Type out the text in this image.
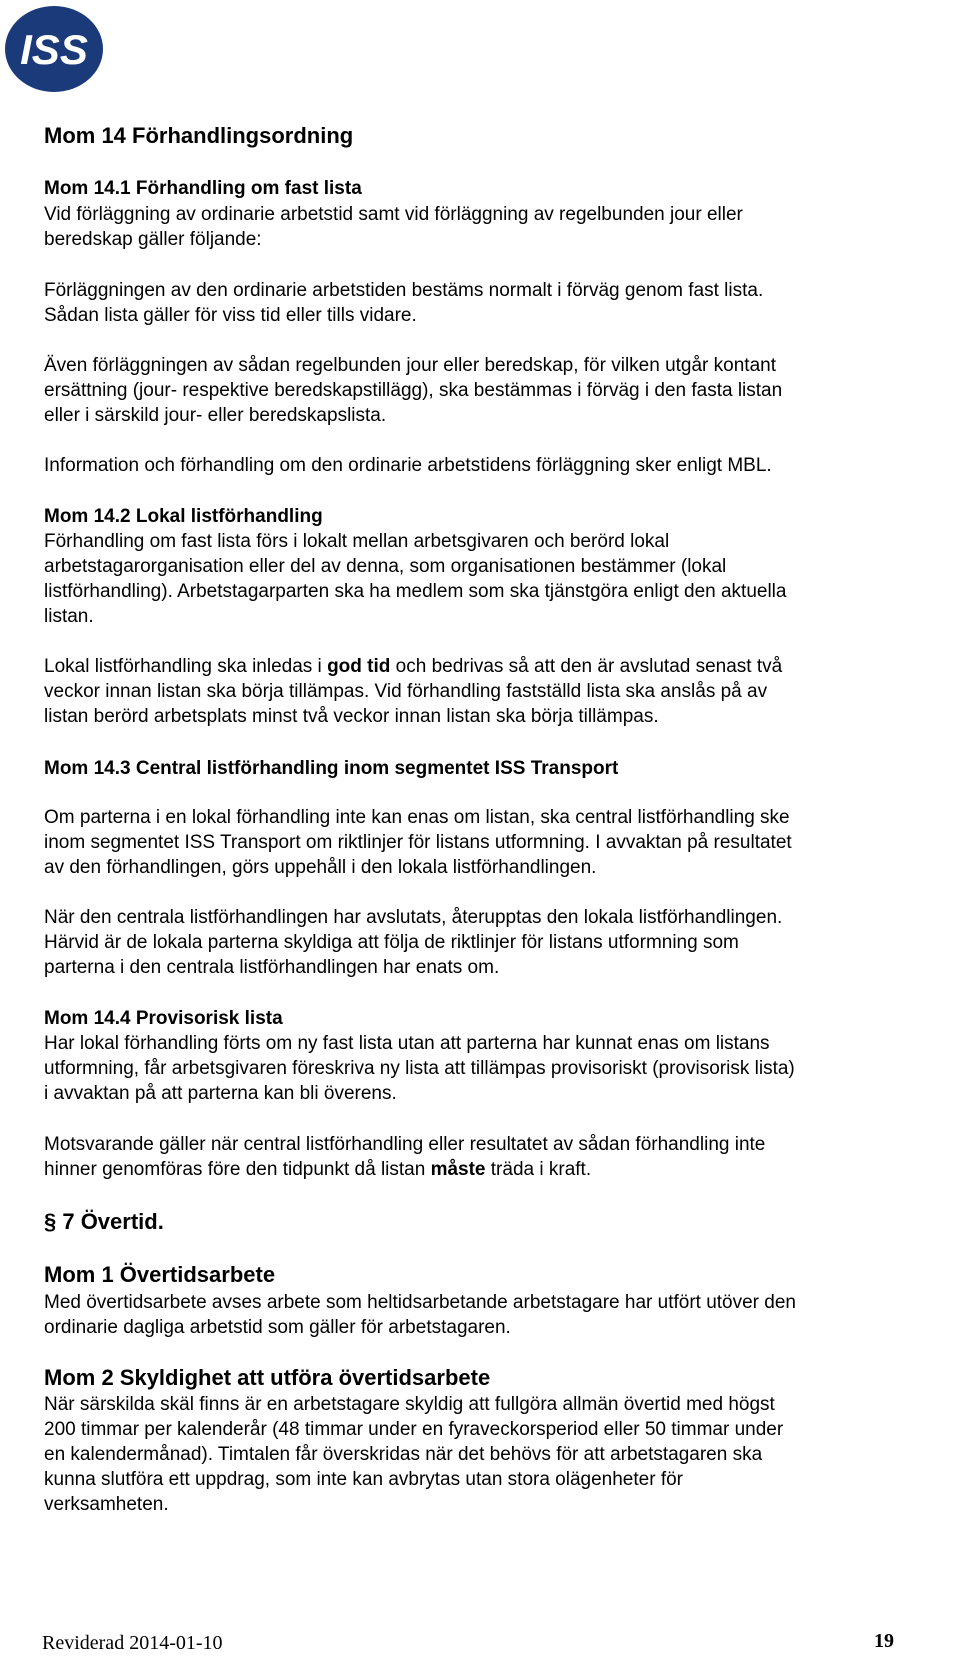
ISS
Mom 14 Förhandlingsordning
Mom 14.1 Förhandling om fast lista
Vid förläggning av ordinarie arbetstid samt vid förläggning av regelbunden jour eller
beredskap gäller följande:
Förläggningen av den ordinarie arbetstiden bestäms normalt i förväg genom fast lista.
Sådan lista gäller för viss tid eller tills vidare.
Även förläggningen av sådan regelbunden jour eller beredskap, för vilken utgår kontant
ersättning (jour- respektive beredskapstillägg), ska bestämmas i förväg i den fasta listan
eller i särskild jour- eller beredskapslista.
Information och förhandling om den ordinarie arbetstidens förläggning sker enligt MBL.
Mom 14.2 Lokal listförhandling
Förhandling om fast lista förs i lokalt mellan arbetsgivaren och berörd lokal
arbetstagarorganisation eller del av denna, som organisationen bestämmer (lokal
listförhandling). Arbetstagarparten ska ha medlem som ska tjänstgöra enligt den aktuella
listan.
Lokal listförhandling ska inledas i god tid och bedrivas så att den är avslutad senast två
veckor innan listan ska börja tillämpas. Vid förhandling fastställd lista ska anslås på av
listan berörd arbetsplats minst två veckor innan listan ska börja tillämpas.
Mom 14.3 Central listförhandling inom segmentet ISS Transport
Om parterna i en lokal förhandling inte kan enas om listan, ska central listförhandling ske
inom segmentet ISS Transport om riktlinjer för listans utformning. I avvaktan på resultatet
av den förhandlingen, görs uppehåll i den lokala listförhandlingen.
När den centrala listförhandlingen har avslutats, återupptas den lokala listförhandlingen.
Härvid är de lokala parterna skyldiga att följa de riktlinjer för listans utformning som
parterna i den centrala listförhandlingen har enats om.
Mom 14.4 Provisorisk lista
Har lokal förhandling förts om ny fast lista utan att parterna har kunnat enas om listans
utformning, får arbetsgivaren föreskriva ny lista att tillämpas provisoriskt (provisorisk lista)
i avvaktan på att parterna kan bli överens.
Motsvarande gäller när central listförhandling eller resultatet av sådan förhandling inte
hinner genomföras före den tidpunkt då listan måste träda i kraft.
§ 7 Övertid.
Mom 1 Övertidsarbete
Med övertidsarbete avses arbete som heltidsarbetande arbetstagare har utfört utöver den
ordinarie dagliga arbetstid som gäller för arbetstagaren.
Mom 2 Skyldighet att utföra övertidsarbete
När särskilda skäl finns är en arbetstagare skyldig att fullgöra allmän övertid med högst
200 timmar per kalenderår (48 timmar under en fyraveckorsperiod eller 50 timmar under
en kalendermånad). Timtalen får överskridas när det behövs för att arbetstagaren ska
kunna slutföra ett uppdrag, som inte kan avbrytas utan stora olägenheter för
verksamheten.
Reviderad 2014-01-10	19
